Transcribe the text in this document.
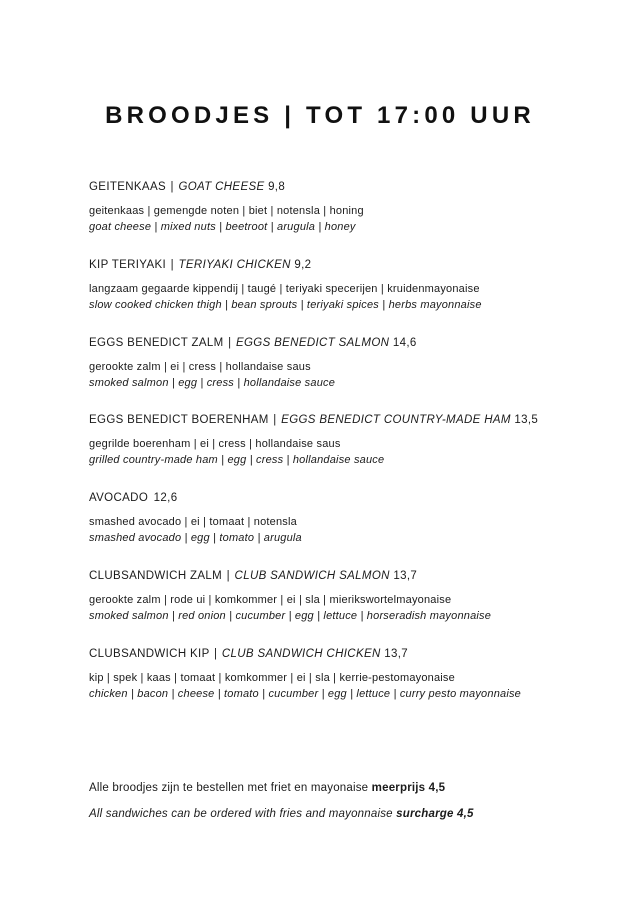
BROODJES | TOT 17:00 UUR
GEITENKAAS | GOAT CHEESE 9,8
geitenkaas | gemengde noten | biet | notensla | honing
goat cheese | mixed nuts | beetroot | arugula | honey
KIP TERIYAKI | TERIYAKI CHICKEN 9,2
langzaam gegaarde kippendij | taugé | teriyaki specerijen | kruidenmayonaise
slow cooked chicken thigh | bean sprouts | teriyaki spices | herbs mayonnaise
EGGS BENEDICT ZALM | EGGS BENEDICT SALMON 14,6
gerookte zalm | ei | cress | hollandaise saus
smoked salmon | egg | cress | hollandaise sauce
EGGS BENEDICT BOERENHAM | EGGS BENEDICT COUNTRY-MADE HAM 13,5
gegrilde boerenham | ei | cress | hollandaise saus
grilled country-made ham | egg | cress | hollandaise sauce
AVOCADO 12,6
smashed avocado | ei | tomaat | notensla
smashed avocado | egg | tomato | arugula
CLUBSANDWICH ZALM | CLUB SANDWICH SALMON 13,7
gerookte zalm | rode ui | komkommer | ei | sla | mierikswortelmayonaise
smoked salmon | red onion | cucumber | egg | lettuce | horseradish mayonnaise
CLUBSANDWICH KIP | CLUB SANDWICH CHICKEN 13,7
kip | spek | kaas | tomaat | komkommer | ei | sla | kerrie-pestomayonaise
chicken | bacon | cheese | tomato | cucumber | egg | lettuce | curry pesto mayonnaise
Alle broodjes zijn te bestellen met friet en mayonaise meerprijs 4,5
All sandwiches can be ordered with fries and mayonnaise surcharge 4,5
